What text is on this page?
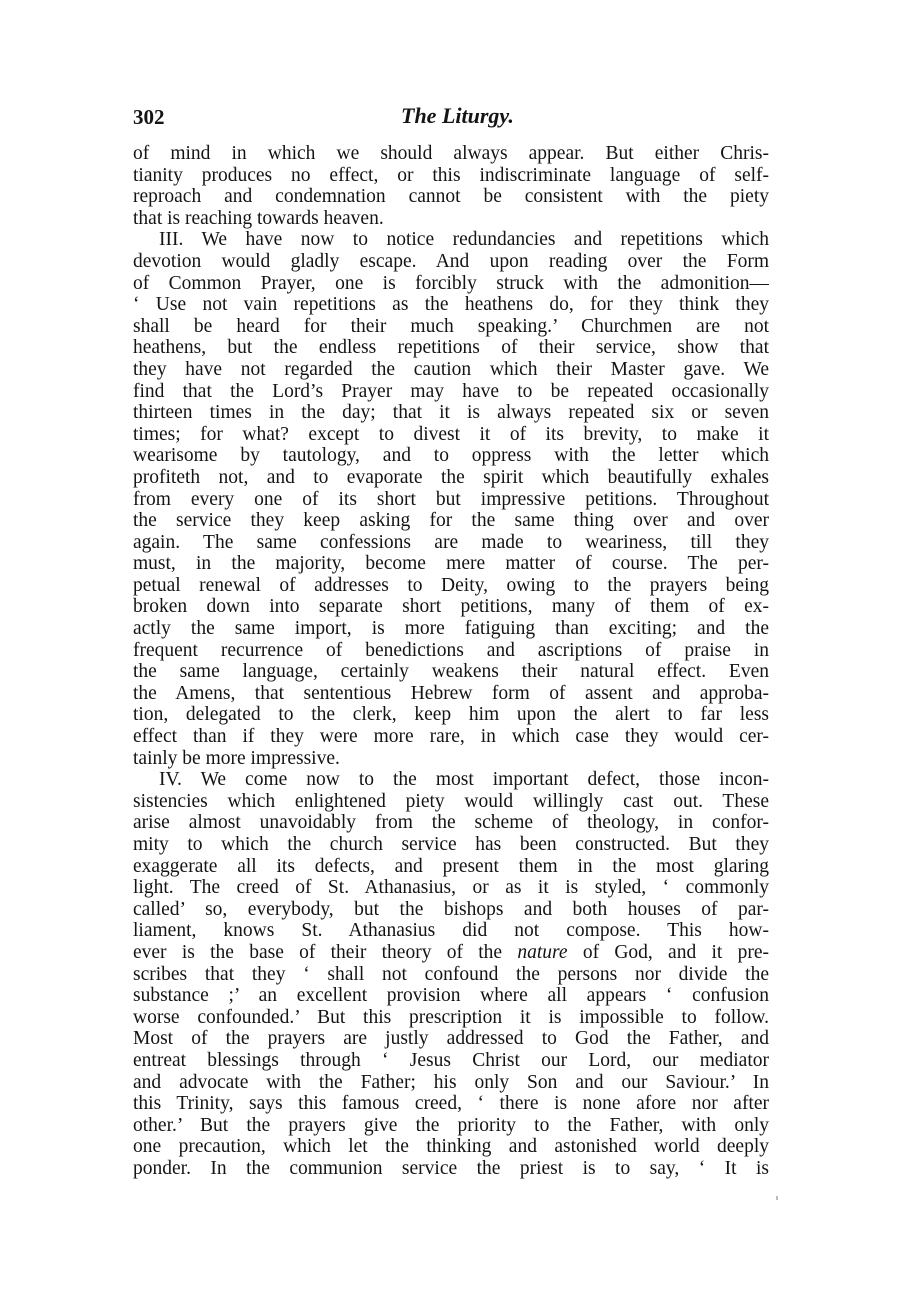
302	The Liturgy.
of mind in which we should always appear. But either Chris-
tianity produces no effect, or this indiscriminate language of self-
reproach and condemnation cannot be consistent with the piety
that is reaching towards heaven.
III. We have now to notice redundancies and repetitions which
devotion would gladly escape. And upon reading over the Form
of Common Prayer, one is forcibly struck with the admonition—
‘ Use not vain repetitions as the heathens do, for they think they
shall be heard for their much speaking.’ Churchmen are not
heathens, but the endless repetitions of their service, show that
they have not regarded the caution which their Master gave. We
find that the Lord’s Prayer may have to be repeated occasionally
thirteen times in the day; that it is always repeated six or seven
times; for what? except to divest it of its brevity, to make it
wearisome by tautology, and to oppress with the letter which
profiteth not, and to evaporate the spirit which beautifully exhales
from every one of its short but impressive petitions. Throughout
the service they keep asking for the same thing over and over
again. The same confessions are made to weariness, till they
must, in the majority, become mere matter of course. The per-
petual renewal of addresses to Deity, owing to the prayers being
broken down into separate short petitions, many of them of ex-
actly the same import, is more fatiguing than exciting; and the
frequent recurrence of benedictions and ascriptions of praise in
the same language, certainly weakens their natural effect. Even
the Amens, that sententious Hebrew form of assent and approba-
tion, delegated to the clerk, keep him upon the alert to far less
effect than if they were more rare, in which case they would cer-
tainly be more impressive.
IV. We come now to the most important defect, those incon-
sistencies which enlightened piety would willingly cast out. These
arise almost unavoidably from the scheme of theology, in confor-
mity to which the church service has been constructed. But they
exaggerate all its defects, and present them in the most glaring
light. The creed of St. Athanasius, or as it is styled, ‘ commonly
called’ so, everybody, but the bishops and both houses of par-
liament, knows St. Athanasius did not compose. This how-
ever is the base of their theory of the nature of God, and it pre-
scribes that they ‘ shall not confound the persons nor divide the
substance ;’ an excellent provision where all appears ‘ confusion
worse confounded.’ But this prescription it is impossible to follow.
Most of the prayers are justly addressed to God the Father, and
entreat blessings through ‘ Jesus Christ our Lord, our mediator
and advocate with the Father; his only Son and our Saviour.’ In
this Trinity, says this famous creed, ‘ there is none afore nor after
other.’ But the prayers give the priority to the Father, with only
one precaution, which let the thinking and astonished world deeply
ponder. In the communion service the priest is to say, ‘ It is
